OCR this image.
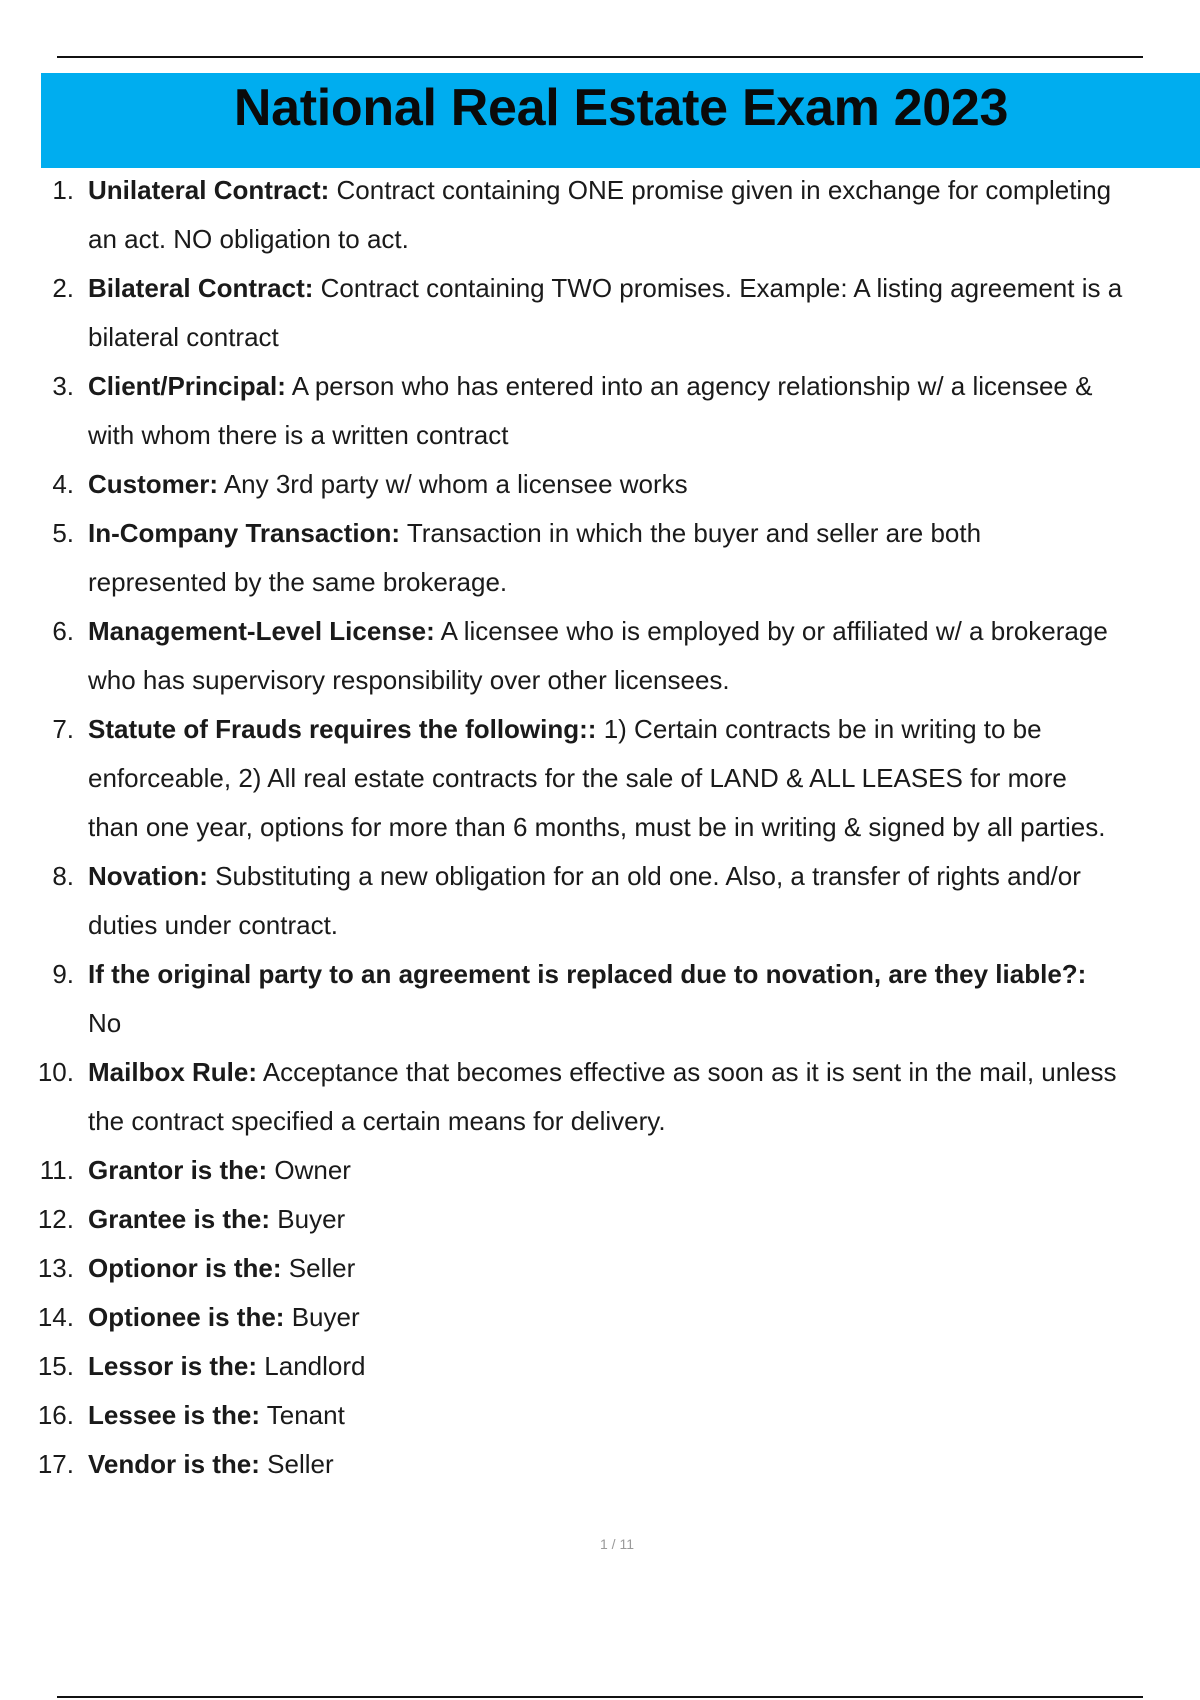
National Real Estate Exam 2023
1. Unilateral Contract: Contract containing ONE promise given in exchange for completing
an act. NO obligation to act.
2. Bilateral Contract: Contract containing TWO promises. Example: A listing agreement is a
bilateral contract
3. Client/Principal: A person who has entered into an agency relationship w/ a licensee &
with whom there is a written contract
4. Customer: Any 3rd party w/ whom a licensee works
5. In-Company Transaction: Transaction in which the buyer and seller are both
represented by the same brokerage.
6. Management-Level License: A licensee who is employed by or affiliated w/ a brokerage
who has supervisory responsibility over other licensees.
7. Statute of Frauds requires the following:: 1) Certain contracts be in writing to be
enforceable, 2) All real estate contracts for the sale of LAND & ALL LEASES for more
than one year, options for more than 6 months, must be in writing & signed by all parties.
8. Novation: Substituting a new obligation for an old one. Also, a transfer of rights and/or
duties under contract.
9. If the original party to an agreement is replaced due to novation, are they liable?:
No
10. Mailbox Rule: Acceptance that becomes effective as soon as it is sent in the mail, unless
the contract specified a certain means for delivery.
11. Grantor is the: Owner
12. Grantee is the: Buyer
13. Optionor is the: Seller
14. Optionee is the: Buyer
15. Lessor is the: Landlord
16. Lessee is the: Tenant
17. Vendor is the: Seller
1 / 11
